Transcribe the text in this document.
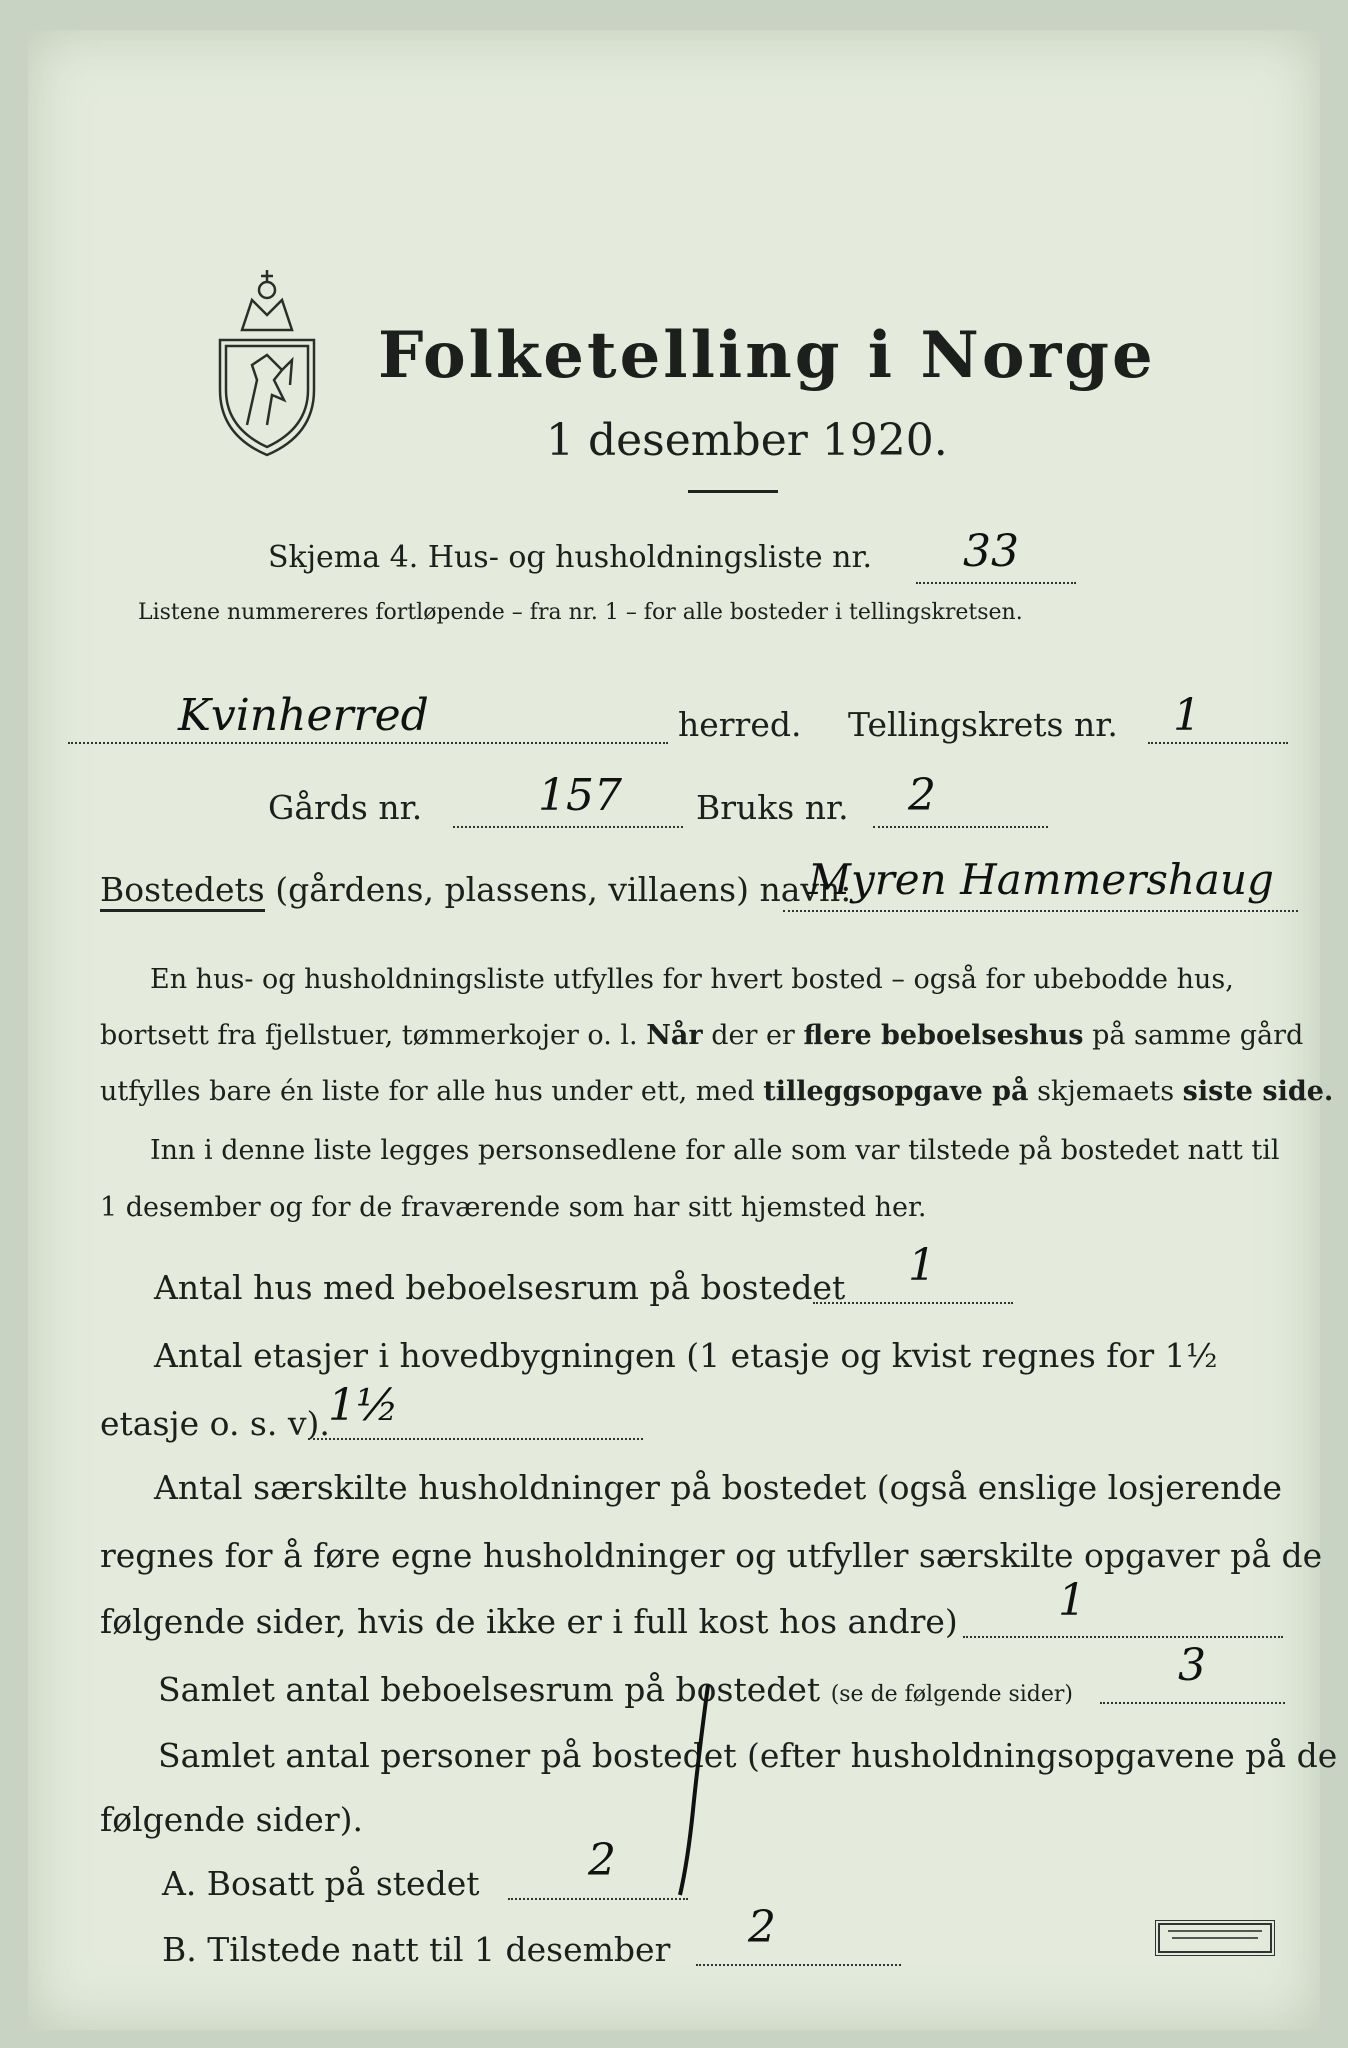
Folketelling i Norge
1 desember 1920.
Skjema 4. Hus- og husholdningsliste nr. 33
Listene nummereres fortløpende – fra nr. 1 – for alle bosteder i tellingskretsen.
Kvinherred	herred. Tellingskrets nr. 1
Gårds nr.	157 Bruks nr. 2
Bostedets (gårdens, plassens, villaens) navn:
Myren Hammershaug
En hus- og husholdningsliste utfylles for hvert bosted – også for ubebodde hus,
bortsett fra fjellstuer, tømmerkojer o. l. Når der er flere beboelseshus på samme gård
utfylles bare én liste for alle hus under ett, med tilleggsopgave på skjemaets siste side.
Inn i denne liste legges personsedlene for alle som var tilstede på bostedet natt til
1 desember og for de fraværende som har sitt hjemsted her.
Antal hus med beboelsesrum på bostedet 1
Antal etasjer i hovedbygningen (1 etasje og kvist regnes for 1½
etasje o. s. v).
1½
Antal særskilte husholdninger på bostedet (også enslige losjerende
regnes for å føre egne husholdninger og utfyller særskilte opgaver på de
følgende sider, hvis de ikke er i full kost hos andre) 1
Samlet antal beboelsesrum på bostedet (se de følgende sider)
3
Samlet antal personer på bostedet (efter husholdningsopgavene på de
følgende sider).
A. Bosatt på stedet 2
B. Tilstede natt til 1 desember 2
